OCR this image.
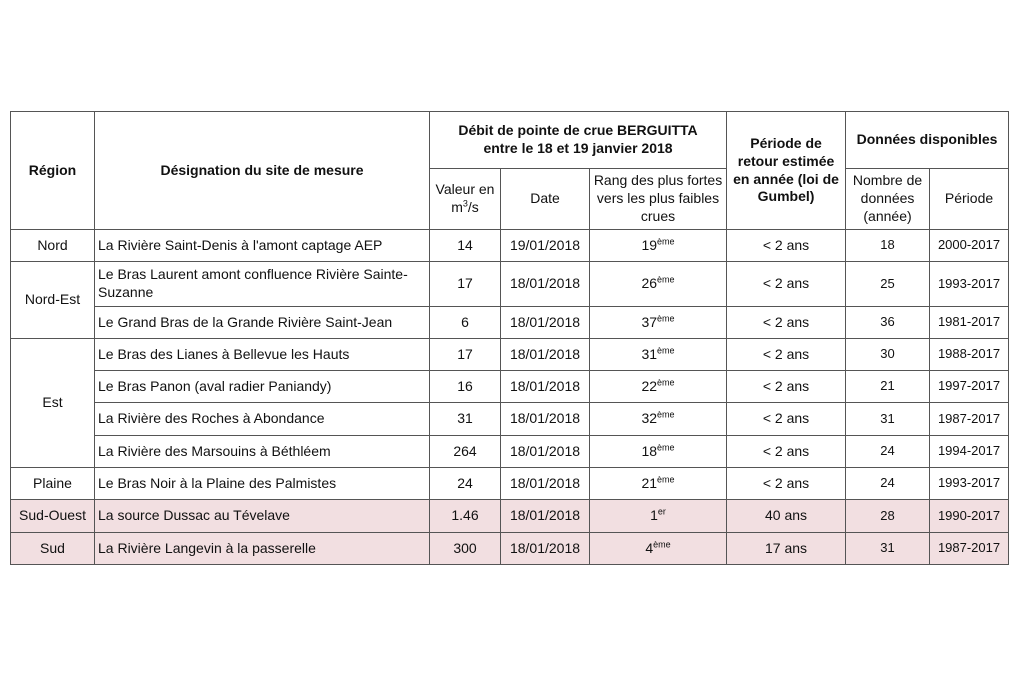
Région	Désignation du site de mesure	Débit de pointe de crue BERGUITTA entre le 18 et 19 janvier 2018			Période de retour estimée en année (loi de Gumbel)	Données disponibles	
		Valeur en $m^3/s$	Date	Rang des plus fortes vers les plus faibles crues		Nombre de données (année)	Période
Nord	La Rivière Saint-Denis à l'amont captage AEP	14	19/01/2018	19ème	< 2 ans	18	2000-2017
Nord-Est	Le Bras Laurent amont confluence Rivière Sainte-Suzanne	17	18/01/2018	26ème	< 2 ans	25	1993-2017
	Le Grand Bras de la Grande Rivière Saint-Jean	6	18/01/2018	37ème	< 2 ans	36	1981-2017
Est	Le Bras des Lianes à Bellevue les Hauts	17	18/01/2018	31ème	< 2 ans	30	1988-2017
	Le Bras Panon (aval radier Paniandy)	16	18/01/2018	22ème	< 2 ans	21	1997-2017
	La Rivière des Roches à Abondance	31	18/01/2018	32ème	< 2 ans	31	1987-2017
	La Rivière des Marsouins à Béthléem	264	18/01/2018	18ème	< 2 ans	24	1994-2017
Plaine	Le Bras Noir à la Plaine des Palmistes	24	18/01/2018	21ème	< 2 ans	24	1993-2017
Sud-Ouest	La source Dussac au Tévelave	1.46	18/01/2018	1er	40 ans	28	1990-2017
Sud	La Rivière Langevin à la passerelle	300	18/01/2018	4ème	17 ans	31	1987-2017
